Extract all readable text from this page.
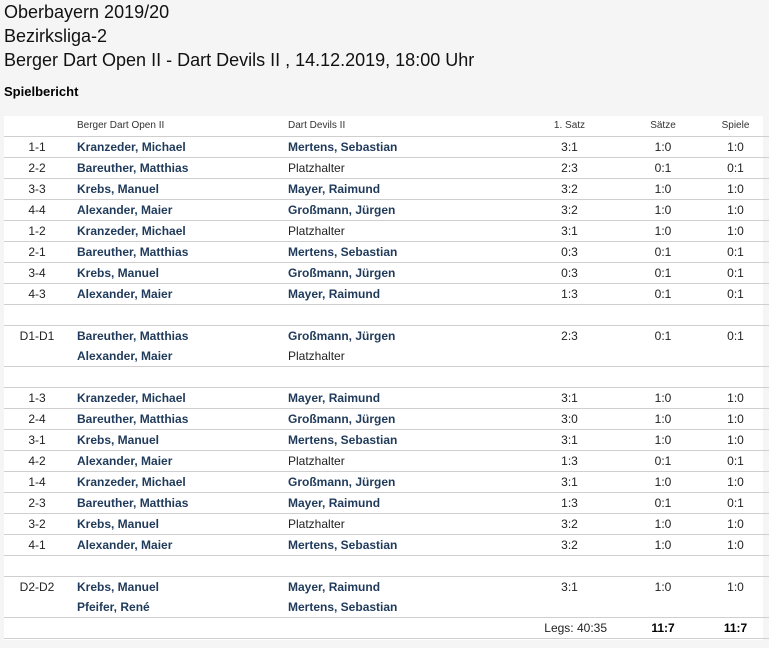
Oberbayern 2019/20
Bezirksliga-2
Berger Dart Open II - Dart Devils II , 14.12.2019, 18:00 Uhr
Spielbericht
	Berger Dart Open II	Dart Devils II	1. Satz	Sätze	Spiele
1-1	Kranzeder, Michael	Mertens, Sebastian	3:1	1:0	1:0
2-2	Bareuther, Matthias	Platzhalter	2:3	0:1	0:1
3-3	Krebs, Manuel	Mayer, Raimund	3:2	1:0	1:0
4-4	Alexander, Maier	Großmann, Jürgen	3:2	1:0	1:0
1-2	Kranzeder, Michael	Platzhalter	3:1	1:0	1:0
2-1	Bareuther, Matthias	Mertens, Sebastian	0:3	0:1	0:1
3-4	Krebs, Manuel	Großmann, Jürgen	0:3	0:1	0:1
4-3	Alexander, Maier	Mayer, Raimund	1:3	0:1	0:1

D1-D1	Bareuther, Matthias	Großmann, Jürgen	2:3	0:1	0:1
	Alexander, Maier	Platzhalter			

1-3	Kranzeder, Michael	Mayer, Raimund	3:1	1:0	1:0
2-4	Bareuther, Matthias	Großmann, Jürgen	3:0	1:0	1:0
3-1	Krebs, Manuel	Mertens, Sebastian	3:1	1:0	1:0
4-2	Alexander, Maier	Platzhalter	1:3	0:1	0:1
1-4	Kranzeder, Michael	Großmann, Jürgen	3:1	1:0	1:0
2-3	Bareuther, Matthias	Mayer, Raimund	1:3	0:1	0:1
3-2	Krebs, Manuel	Platzhalter	3:2	1:0	1:0
4-1	Alexander, Maier	Mertens, Sebastian	3:2	1:0	1:0

D2-D2	Krebs, Manuel	Mayer, Raimund	3:1	1:0	1:0
	Pfeifer, René	Mertens, Sebastian			
			Legs: 40:35	11:7	11:7
